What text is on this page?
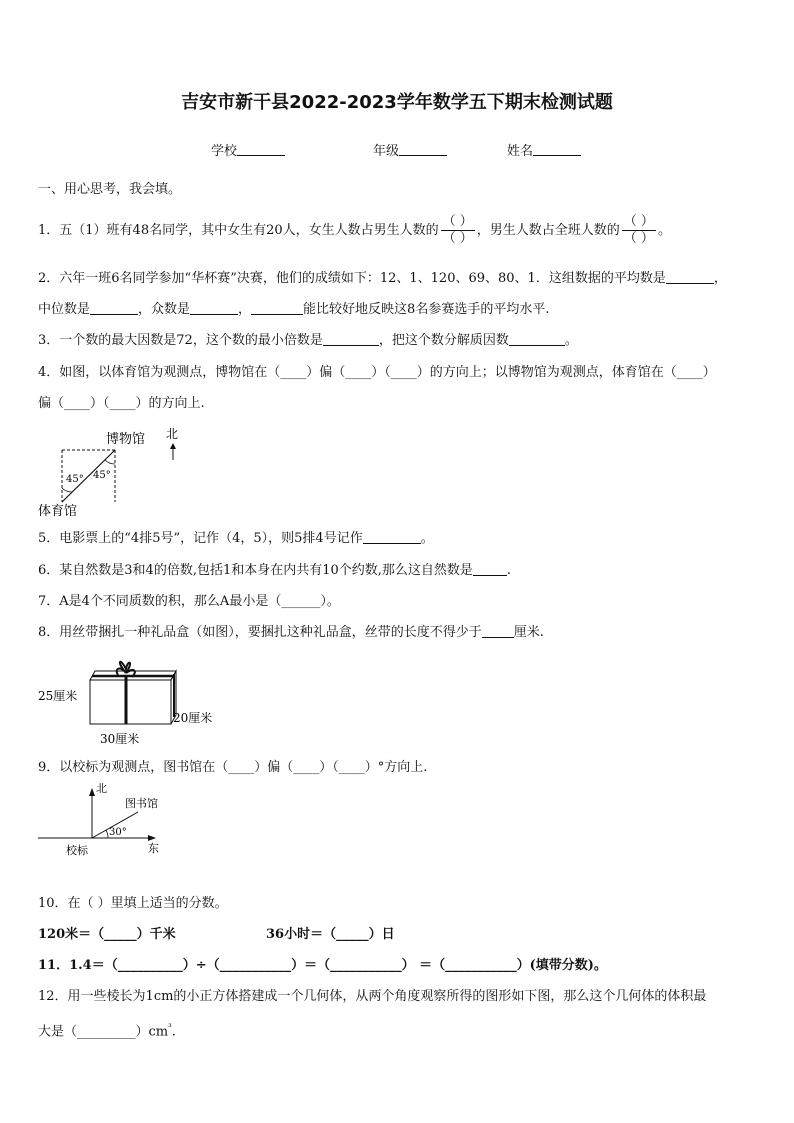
吉安市新干县2022-2023学年数学五下期末检测试题
学校	年级	姓名
一、用心思考，我会填。
1．五（1）班有48名同学，其中女生有20人，女生人数占男生人数的 $\frac{( )}{( )}$ ，男生人数占全班人数的 $\frac{( )}{( )}$ 。
2．六年一班6名同学参加“华杯赛”决赛，他们的成绩如下：12、1、120、69、80、1．这组数据的平均数是	，
中位数是	，众数是	，	能比较好地反映这8名参赛选手的平均水平.
3．一个数的最大因数是72，这个数的最小倍数是	，把这个数分解质因数	。
4．如图，以体育馆为观测点，博物馆在（____）偏（____）（____）的方向上；以博物馆为观测点，体育馆在（____）
偏（____）（____）的方向上.
45° 45°
博物馆 北
体育馆
5．电影票上的“4排5号”，记作（4，5），则5排4号记作	。
6．某自然数是3和4的倍数,包括1和本身在内共有10个约数,那么这自然数是	.
7．A是4个不同质数的积，那么A最小是（______）。
8．用丝带捆扎一种礼品盒（如图），要捆扎这种礼品盒，丝带的长度不得少于 厘米.
25厘米
20厘米
30厘米
9．以校标为观测点，图书馆在（____）偏（____）（____）°方向上.
北
图书馆
30°
校标	东
10．在（ ）里填上适当的分数。
120米＝（_____）千米	36小时＝（_____）日
11．1.4＝（__________）÷（___________）＝（___________） ＝（___________）(填带分数)。
12．用一些棱长为1cm的小正方体搭建成一个几何体，从两个角度观察所得的图形如下图，那么这个几何体的体积最
大是$(\_\_\_\_\_\_\_\_\_)cm^{^3}$.
